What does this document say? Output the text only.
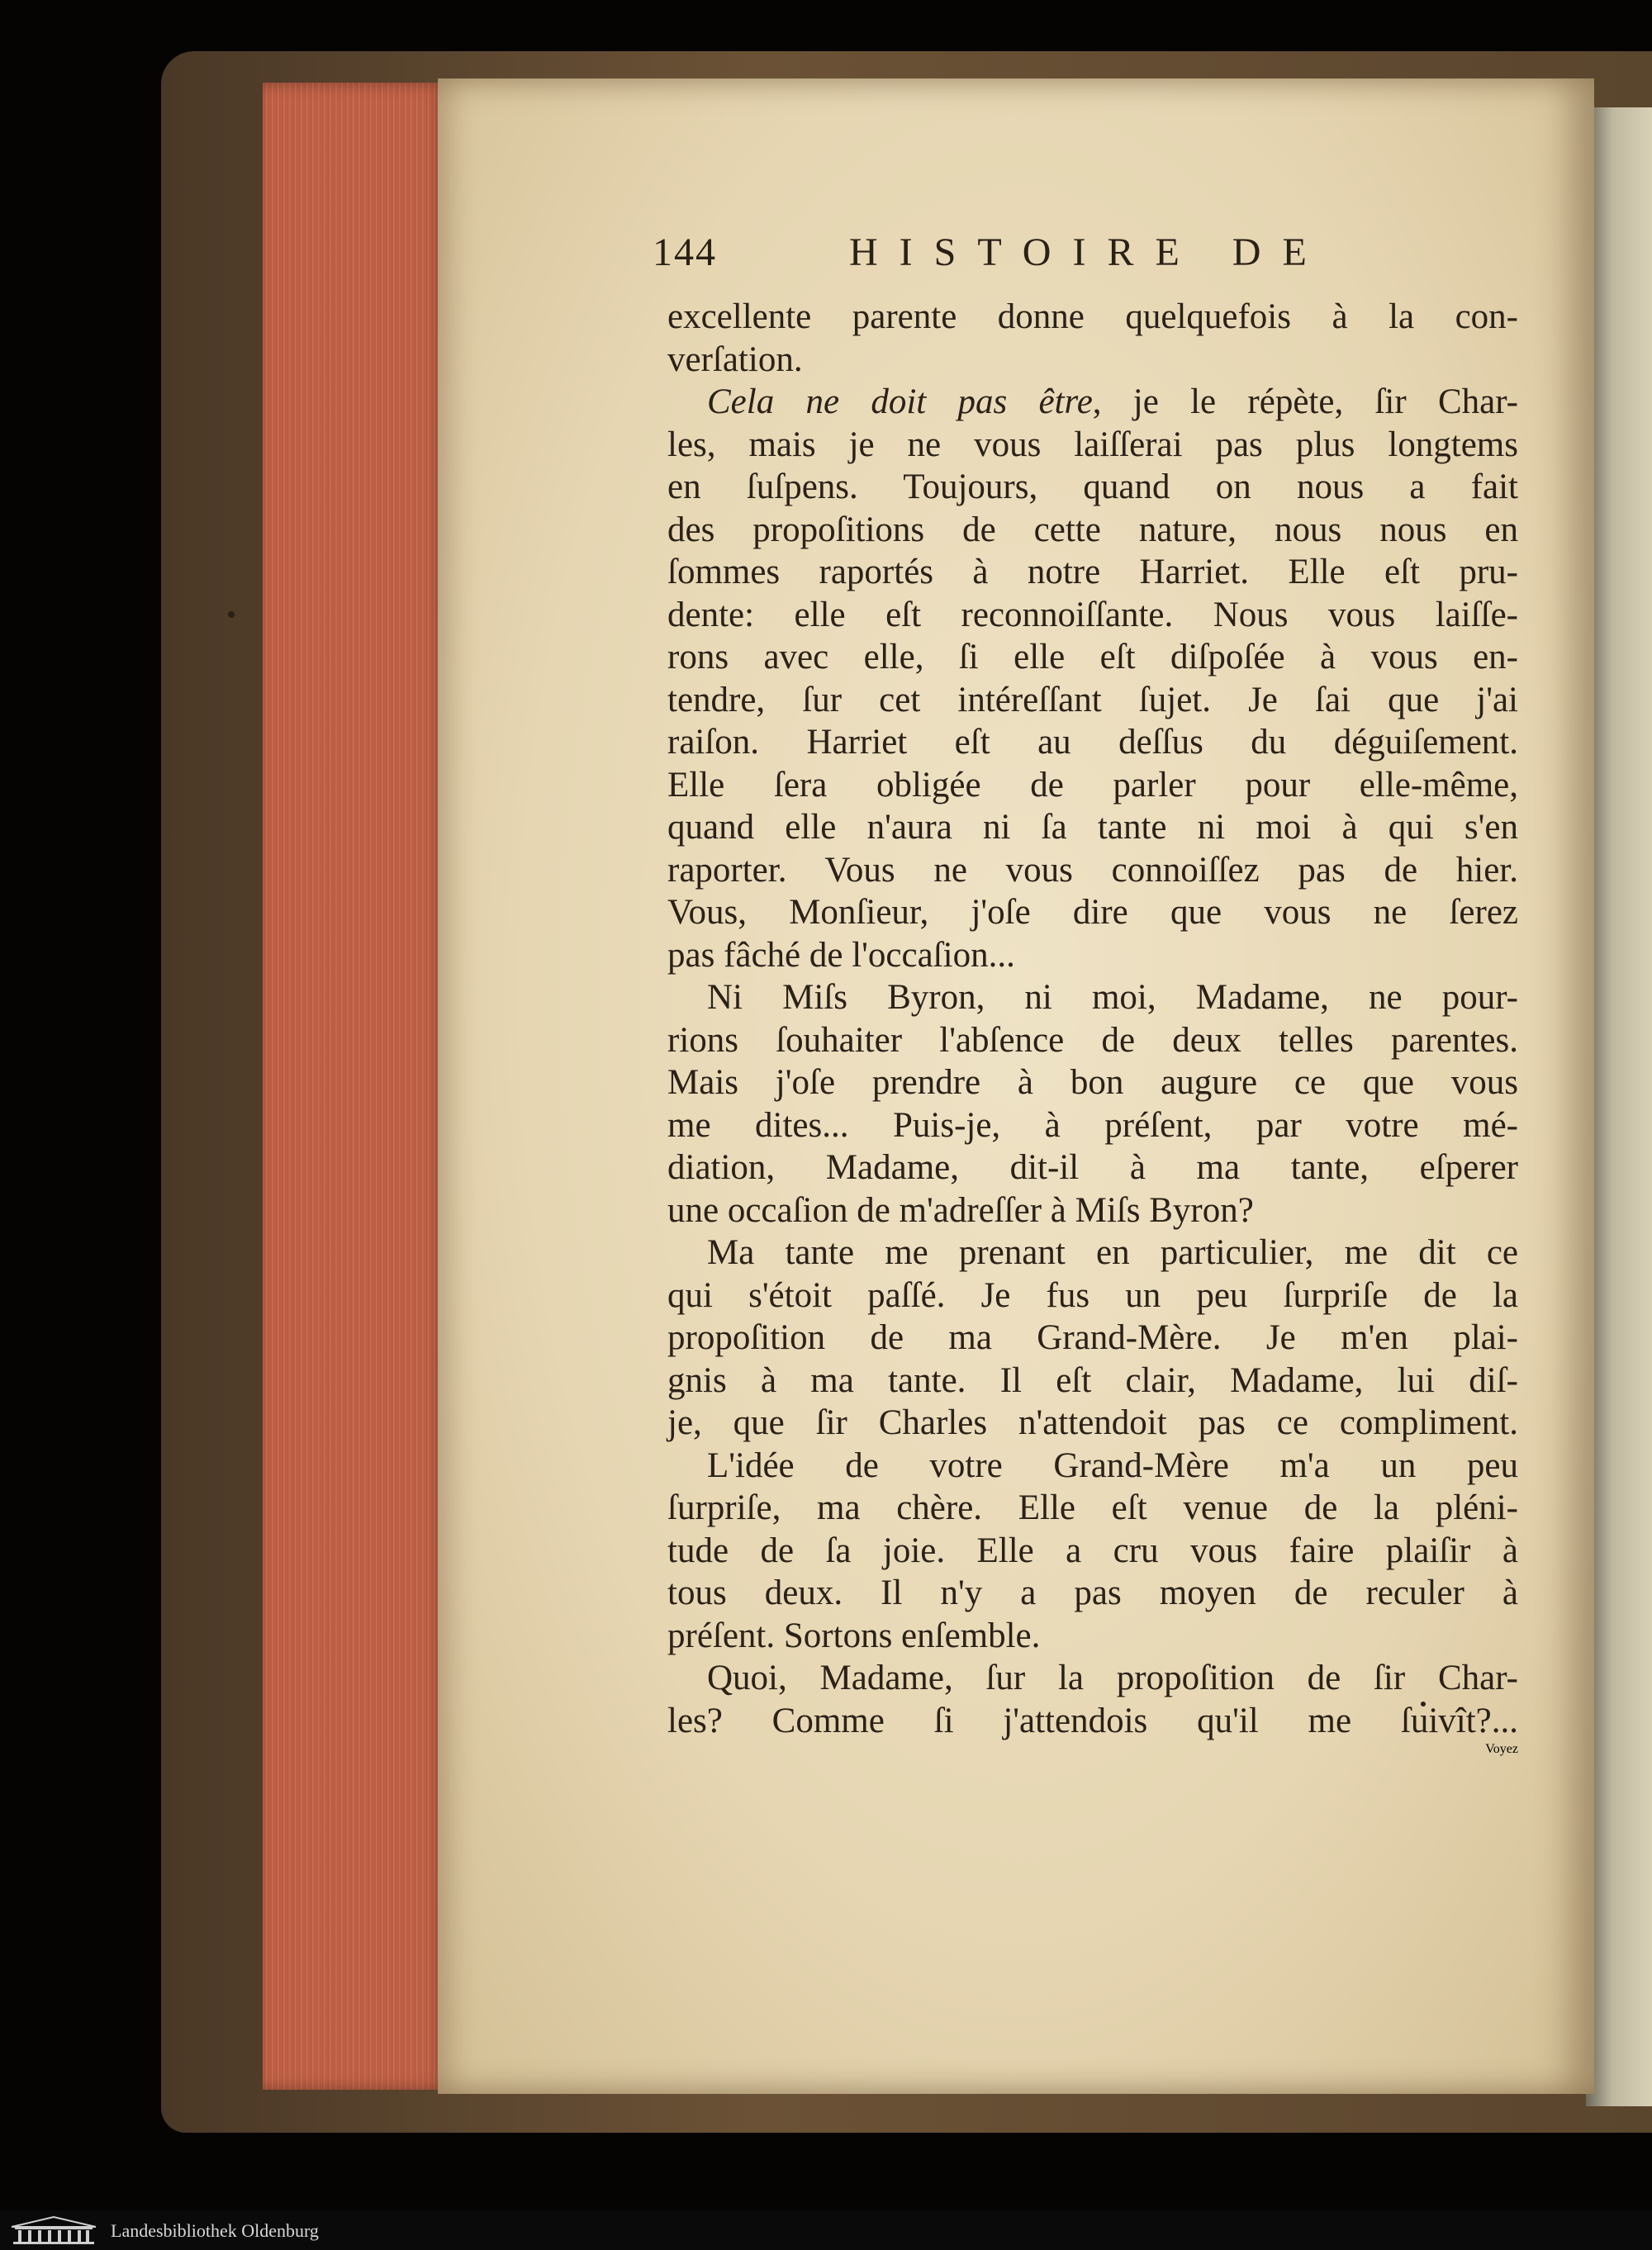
144	HISTOIRE DE
excellente parente donne quelquefois à la con-
verſation.
Cela ne doit pas être, je le répète, ſir Char-
les, mais je ne vous laiſſerai pas plus longtems
en ſuſpens. Toujours, quand on nous a fait
des propoſitions de cette nature, nous nous en
ſommes raportés à notre Harriet. Elle eſt pru-
dente: elle eſt reconnoiſſante. Nous vous laiſſe-
rons avec elle, ſi elle eſt diſpoſée à vous en-
tendre, ſur cet intéreſſant ſujet. Je ſai que j'ai
raiſon. Harriet eſt au deſſus du déguiſement.
Elle ſera obligée de parler pour elle-même,
quand elle n'aura ni ſa tante ni moi à qui s'en
raporter. Vous ne vous connoiſſez pas de hier.
Vous, Monſieur, j'oſe dire que vous ne ſerez
pas fâché de l'occaſion...
Ni Miſs Byron, ni moi, Madame, ne pour-
rions ſouhaiter l'abſence de deux telles parentes.
Mais j'oſe prendre à bon augure ce que vous
me dites... Puis-je, à préſent, par votre mé-
diation, Madame, dit-il à ma tante, eſperer
une occaſion de m'adreſſer à Miſs Byron?
Ma tante me prenant en particulier, me dit ce
qui s'étoit paſſé. Je fus un peu ſurpriſe de la
propoſition de ma Grand-Mère. Je m'en plai-
gnis à ma tante. Il eſt clair, Madame, lui diſ-
je, que ſir Charles n'attendoit pas ce compliment.
L'idée de votre Grand-Mère m'a un peu
ſurpriſe, ma chère. Elle eſt venue de la pléni-
tude de ſa joie. Elle a cru vous faire plaiſir à
tous deux. Il n'y a pas moyen de reculer à
préſent. Sortons enſemble.
Quoi, Madame, ſur la propoſition de ſir Char-
les? Comme ſi j'attendois qu'il me ſuivît?...
Voyez
Landesbibliothek Oldenburg
